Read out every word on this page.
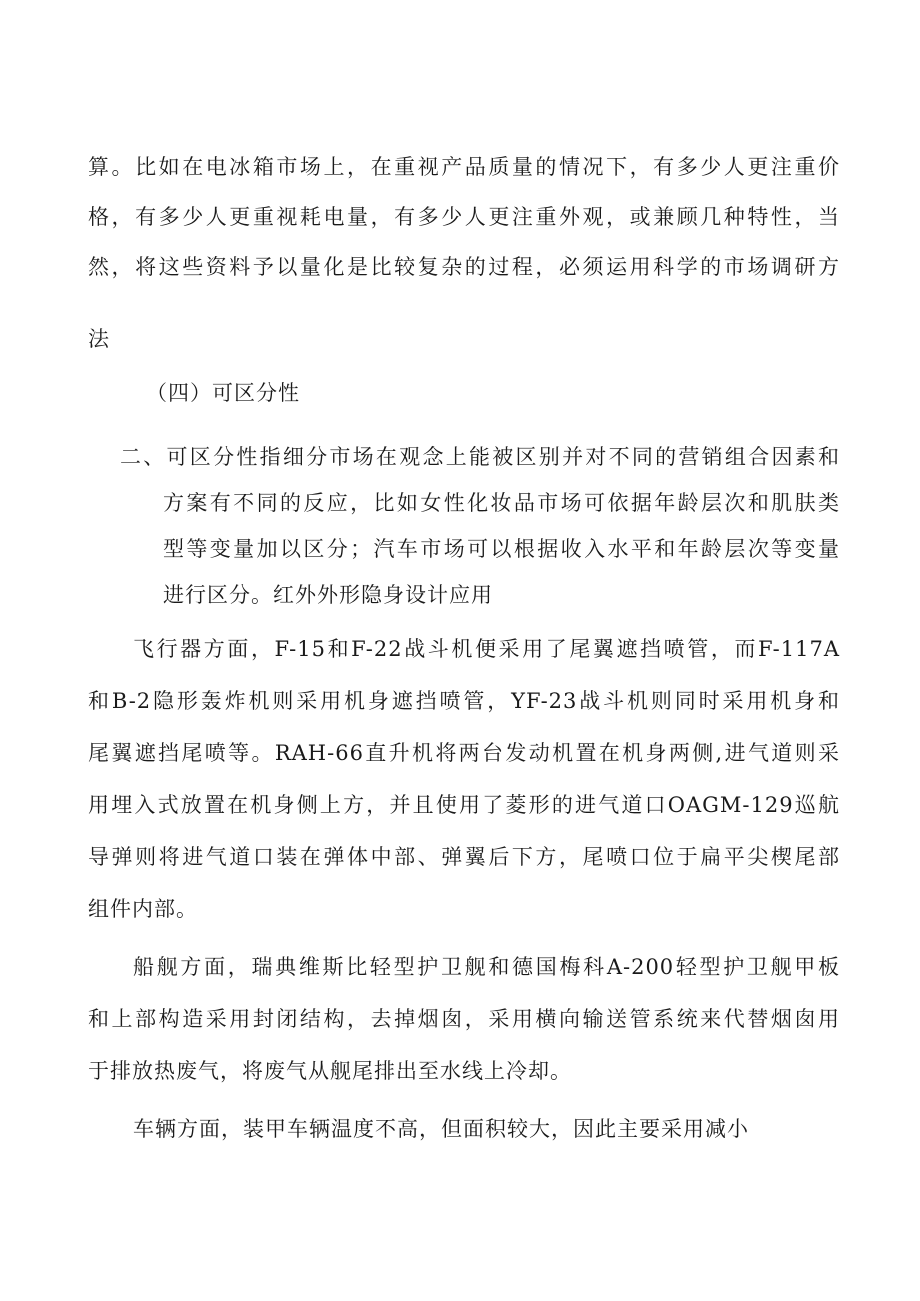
算。比如在电冰箱市场上，在重视产品质量的情况下，有多少人更注重价
格，有多少人更重视耗电量，有多少人更注重外观，或兼顾几种特性，当
然，将这些资料予以量化是比较复杂的过程，必须运用科学的市场调研方
法
（四）可区分性
二、可区分性指细分市场在观念上能被区别并对不同的营销组合因素和
方案有不同的反应，比如女性化妆品市场可依据年龄层次和肌肤类
型等变量加以区分；汽车市场可以根据收入水平和年龄层次等变量
进行区分。红外外形隐身设计应用
飞行器方面，F-15和F-22战斗机便采用了尾翼遮挡喷管，而F-117A
和B-2隐形轰炸机则采用机身遮挡喷管，YF-23战斗机则同时采用机身和
尾翼遮挡尾喷等。RAH-66直升机将两台发动机置在机身两侧,进气道则采
用埋入式放置在机身侧上方，并且使用了菱形的进气道口OAGM-129巡航
导弹则将进气道口装在弹体中部、弹翼后下方，尾喷口位于扁平尖楔尾部
组件内部。
船舰方面，瑞典维斯比轻型护卫舰和德国梅科A-200轻型护卫舰甲板
和上部构造采用封闭结构，去掉烟囱，采用横向输送管系统来代替烟囱用
于排放热废气，将废气从舰尾排出至水线上冷却。
车辆方面，装甲车辆温度不高，但面积较大，因此主要采用减小
